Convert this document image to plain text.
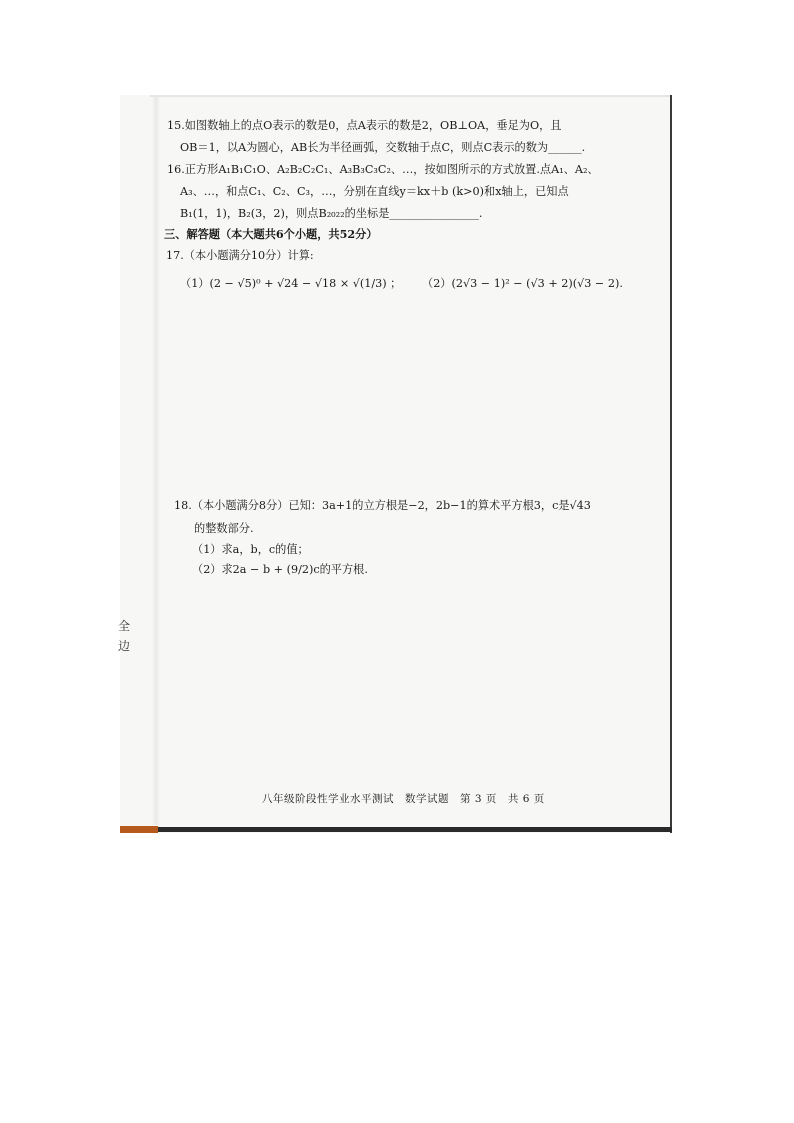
15.如图数轴上的点O表示的数是0，点A表示的数是2，OB⊥OA，垂足为O，且
OB＝1，以A为圆心，AB长为半径画弧，交数轴于点C，则点C表示的数为______.
16.正方形A₁B₁C₁O、A₂B₂C₂C₁、A₃B₃C₃C₂、…，按如图所示的方式放置.点A₁、A₂、
A₃、…，和点C₁、C₂、C₃，…，分别在直线y＝kx＋b (k>0)和x轴上，已知点
B₁(1，1)，B₂(3，2)，则点B₂₀₂₂的坐标是________________.
三、解答题（本大题共6个小题，共52分）
17.（本小题满分10分）计算:
（1）(2 − √5)⁰ + √24 − √18 × √(1/3) ； （2）(2√3 − 1)² − (√3 + 2)(√3 − 2).
18.（本小题满分8分）已知：3a+1的立方根是−2，2b−1的算术平方根3，c是√43
的整数部分.
（1）求a，b，c的值；
（2）求2a − b + (9/2)c的平方根.
全
边
八年级阶段性学业水平测试　数学试题　第 3 页　共 6 页
